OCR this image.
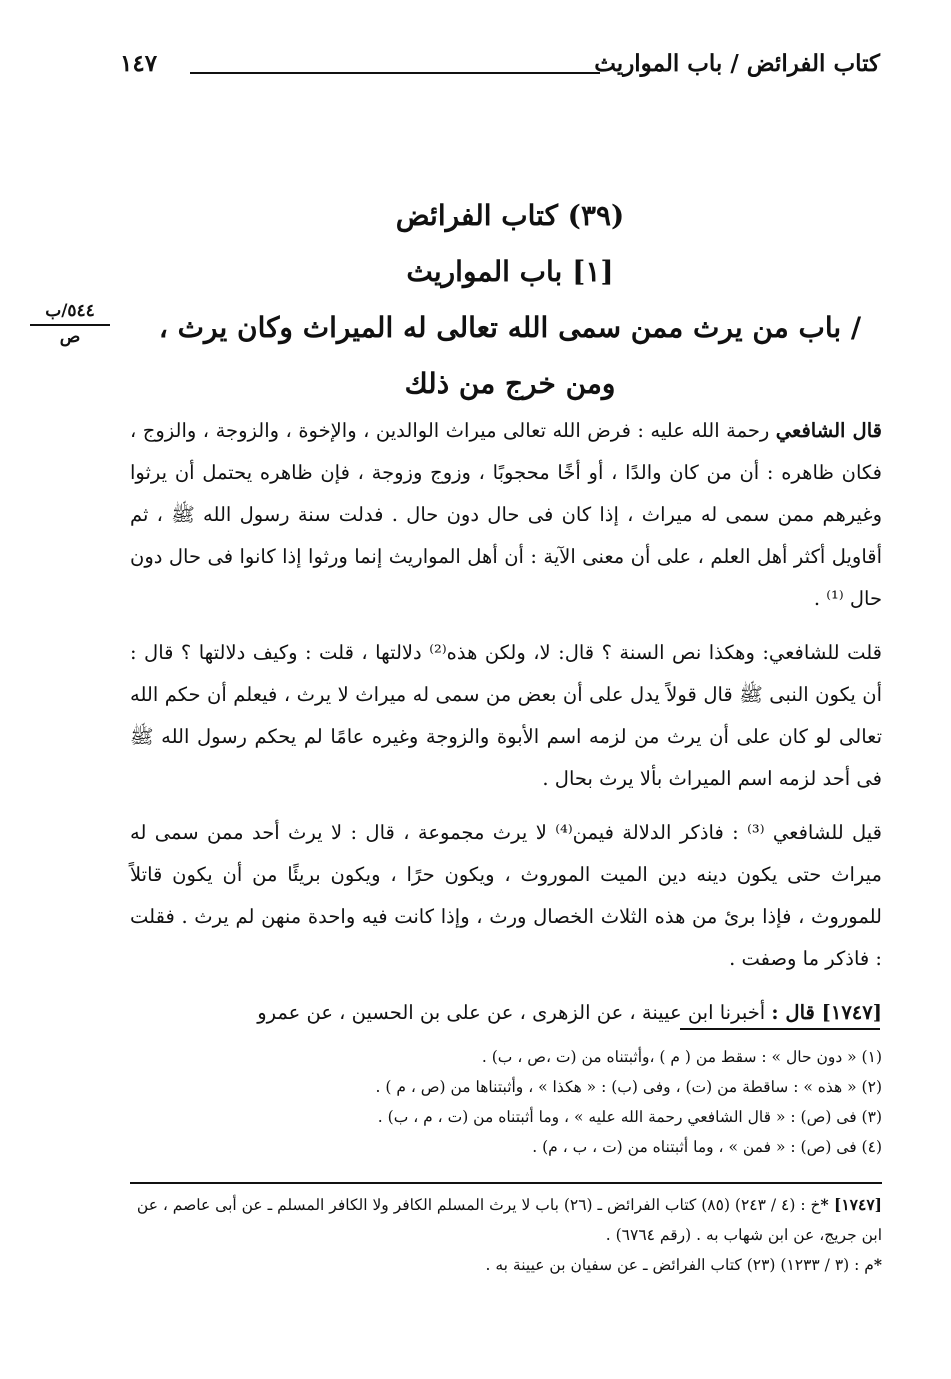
كتاب الفرائض / باب المواريث
١٤٧
٥٤٤/ب
ص
(٣٩) كتاب الفرائض
[١] باب المواريث
/ باب من يرث ممن سمى الله تعالى له الميراث وكان يرث ،
ومن خرج من ذلك

قال الشافعي رحمة الله عليه : فرض الله تعالى ميراث الوالدين ، والإخوة ، والزوجة ، والزوج ، فكان ظاهره : أن من كان والدًا ، أو أخًا محجوبًا ، وزوج وزوجة ، فإن ظاهره يحتمل أن يرثوا وغيرهم ممن سمى له ميراث ، إذا كان فى حال دون حال . فدلت سنة رسول الله ﷺ ، ثم أقاويل أكثر أهل العلم ، على أن معنى الآية : أن أهل المواريث إنما ورثوا إذا كانوا فى حال دون حال ⁽¹⁾ .

قلت للشافعي: وهكذا نص السنة ؟ قال: لا، ولكن هذه⁽²⁾ دلالتها ، قلت : وكيف دلالتها ؟ قال : أن يكون النبى ﷺ قال قولاً يدل على أن بعض من سمى له ميراث لا يرث ، فيعلم أن حكم الله تعالى لو كان على أن يرث من لزمه اسم الأبوة والزوجة وغيره عامًا لم يحكم رسول الله ﷺ فى أحد لزمه اسم الميراث بألا يرث بحال .

قيل للشافعي ⁽³⁾ : فاذكر الدلالة فيمن⁽⁴⁾ لا يرث مجموعة ، قال : لا يرث أحد ممن سمى له ميراث حتى يكون دينه دين الميت الموروث ، ويكون حرًا ، ويكون بريئًا من أن يكون قاتلاً للموروث ، فإذا برئ من هذه الثلاث الخصال ورث ، وإذا كانت فيه واحدة منهن لم يرث . فقلت : فاذكر ما وصفت .

[١٧٤٧] قال : أخبرنا ابن عيينة ، عن الزهرى ، عن على بن الحسين ، عن عمرو

(١) « دون حال » : سقط من ( م ) ،وأثبتناه من (ت ،ص ، ب) .
(٢) « هذه » : ساقطة من (ت) ، وفى (ب) : « هكذا » ، وأثبتناها من (ص ، م ) .
(٣) فى (ص) : « قال الشافعي رحمة الله عليه » ، وما أثبتناه من (ت ، م ، ب) .
(٤) فى (ص) : « فمن » ، وما أثبتناه من (ت ، ب ، م) .
[١٧٤٧] *خ : (٤ / ٢٤٣) (٨٥) كتاب الفرائض ـ (٢٦) باب لا يرث المسلم الكافر ولا الكافر المسلم ـ عن أبى عاصم ، عن ابن جريج، عن ابن شهاب به . (رقم ٦٧٦٤) .
*م : (٣ / ١٢٣٣) (٢٣) كتاب الفرائض ـ عن سفيان بن عيينة به .
